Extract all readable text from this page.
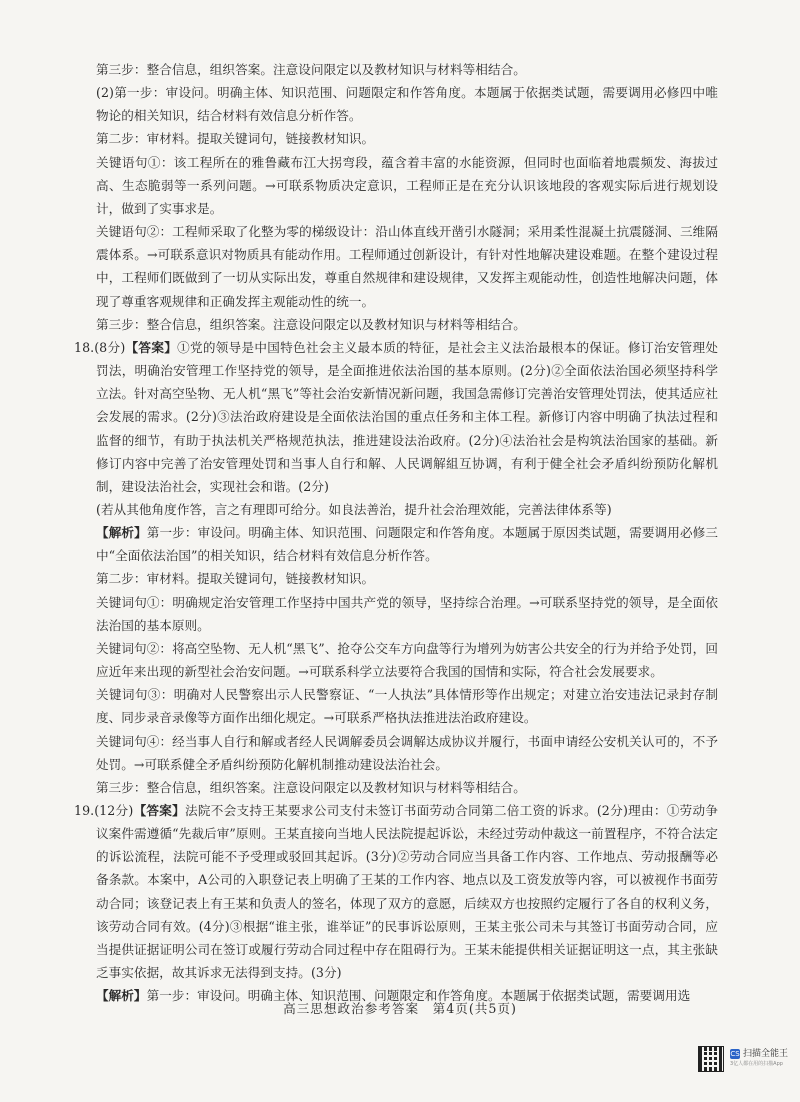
第三步：整合信息，组织答案。注意设问限定以及教材知识与材料等相结合。

(2)第一步：审设问。明确主体、知识范围、问题限定和作答角度。本题属于依据类试题，需要调用必修四中唯物论的相关知识，结合材料有效信息分析作答。

第二步：审材料。提取关键词句，链接教材知识。

关键语句①：该工程所在的雅鲁藏布江大拐弯段，蕴含着丰富的水能资源，但同时也面临着地震频发、海拔过高、生态脆弱等一系列问题。→可联系物质决定意识，工程师正是在充分认识该地段的客观实际后进行规划设计，做到了实事求是。

关键语句②：工程师采取了化整为零的梯级设计：沿山体直线开凿引水隧洞；采用柔性混凝土抗震隧洞、三维隔震体系。→可联系意识对物质具有能动作用。工程师通过创新设计，有针对性地解决建设难题。在整个建设过程中，工程师们既做到了一切从实际出发，尊重自然规律和建设规律，又发挥主观能动性，创造性地解决问题，体现了尊重客观规律和正确发挥主观能动性的统一。

第三步：整合信息，组织答案。注意设问限定以及教材知识与材料等相结合。

18.(8分)【答案】①党的领导是中国特色社会主义最本质的特征，是社会主义法治最根本的保证。修订治安管理处罚法，明确治安管理工作坚持党的领导，是全面推进依法治国的基本原则。(2分)②全面依法治国必须坚持科学立法。针对高空坠物、无人机“黑飞”等社会治安新情况新问题，我国急需修订完善治安管理处罚法，使其适应社会发展的需求。(2分)③法治政府建设是全面依法治国的重点任务和主体工程。新修订内容中明确了执法过程和监督的细节，有助于执法机关严格规范执法，推进建设法治政府。(2分)④法治社会是构筑法治国家的基础。新修订内容中完善了治安管理处罚和当事人自行和解、人民调解組互协调，有利于健全社会矛盾纠纷预防化解机制，建设法治社会，实现社会和谐。(2分)

(若从其他角度作答，言之有理即可给分。如良法善治，提升社会治理效能，完善法律体系等)

【解析】第一步：审设问。明确主体、知识范围、问题限定和作答角度。本题属于原因类试题，需要调用必修三中“全面依法治国”的相关知识，结合材料有效信息分析作答。

第二步：审材料。提取关键词句，链接教材知识。

关键词句①：明确规定治安管理工作坚持中国共产党的领导，坚持综合治理。→可联系坚持党的领导，是全面依法治国的基本原则。

关键词句②：将高空坠物、无人机“黑飞”、抢夺公交车方向盘等行为增列为妨害公共安全的行为并给予处罚，回应近年来出现的新型社会治安问题。→可联系科学立法要符合我国的国情和实际，符合社会发展要求。

关键词句③：明确对人民警察出示人民警察证、“一人执法”具体情形等作出规定；对建立治安违法记录封存制度、同步录音录像等方面作出细化规定。→可联系严格执法推进法治政府建设。

关键词句④：经当事人自行和解或者经人民调解委员会调解达成协议并履行，书面申请经公安机关认可的，不予处罚。→可联系健全矛盾纠纷预防化解机制推动建设法治社会。

第三步：整合信息，组织答案。注意设问限定以及教材知识与材料等相结合。

19.(12分)【答案】法院不会支持王某要求公司支付未签订书面劳动合同第二倍工资的诉求。(2分)理由：①劳动争议案件需遵循“先裁后审”原则。王某直接向当地人民法院提起诉讼，未经过劳动仲裁这一前置程序，不符合法定的诉讼流程，法院可能不予受理或驳回其起诉。(3分)②劳动合同应当具备工作内容、工作地点、劳动报酬等必备条款。本案中，A公司的入职登记表上明确了王某的工作内容、地点以及工资发放等内容，可以被视作书面劳动合同；该登记表上有王某和负责人的签名，体现了双方的意愿，后续双方也按照约定履行了各自的权利义务，该劳动合同有效。(4分)③根据“谁主张，谁举证”的民事诉讼原则，王某主张公司未与其签订书面劳动合同，应当提供证据证明公司在签订或履行劳动合同过程中存在阻碍行为。王某未能提供相关证据证明这一点，其主张缺乏事实依据，故其诉求无法得到支持。(3分)

【解析】第一步：审设问。明确主体、知识范围、问题限定和作答角度。本题属于依据类试题，需要调用选

高三思想政治参考答案　第4页(共5页)
CS 扫描全能王
3亿人都在用的扫描App
